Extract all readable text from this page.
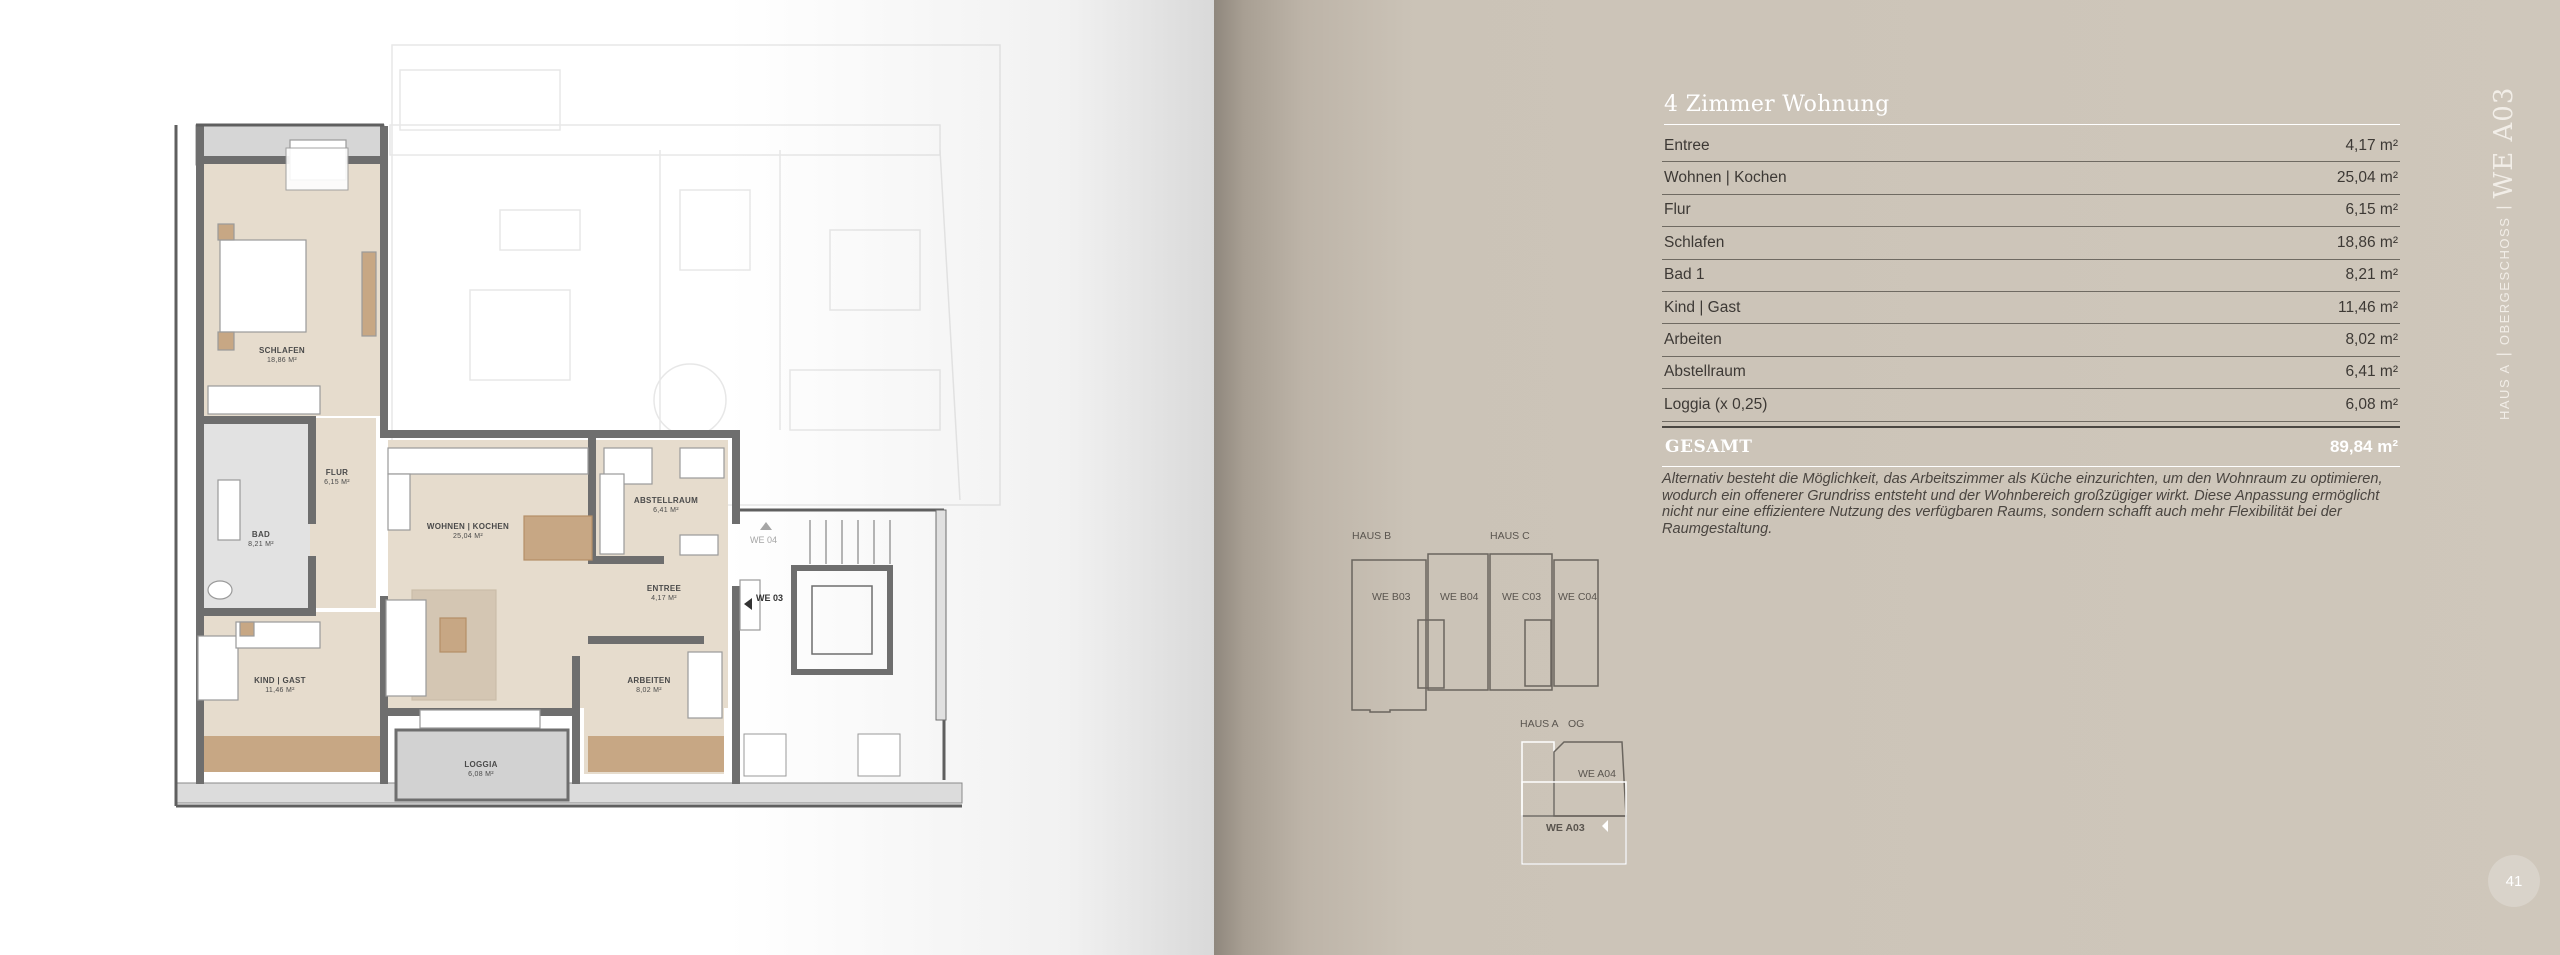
SCHLAFEN
18,86 M²
FLUR
6,15 M²
BAD
8,21 M²
WOHNEN | KOCHEN
25,04 M²
ABSTELLRAUM
6,41 M²
ENTREE
4,17 M²
KIND | GAST
11,46 M²
ARBEITEN
8,02 M²
LOGGIA
6,08 M²
WE 03
WE 04
4 Zimmer Wohnung
Entree	4,17 m²
Wohnen | Kochen	25,04 m²
Flur	6,15 m²
Schlafen	18,86 m²
Bad 1	8,21 m²
Kind | Gast	11,46 m²
Arbeiten	8,02 m²
Abstellraum	6,41 m²
Loggia (x 0,25)	6,08 m²
GESAMT	89,84 m²
Alternativ besteht die Möglichkeit, das Arbeitszimmer als Küche einzurichten, um den Wohnraum zu optimieren, wodurch ein offenerer Grundriss entsteht und der Wohnbereich großzügiger wirkt. Diese Anpassung ermöglicht nicht nur eine effizientere Nutzung des verfügbaren Raums, sondern schafft auch mehr Flexibilität bei der Raumgestaltung.
HAUS B	HAUS C
WE B03	WE B04 WE C03 WE C04
HAUS A OG
WE A04
WE A03
HAUS A
|
OBERGESCHOSS
|
WE A03
41
